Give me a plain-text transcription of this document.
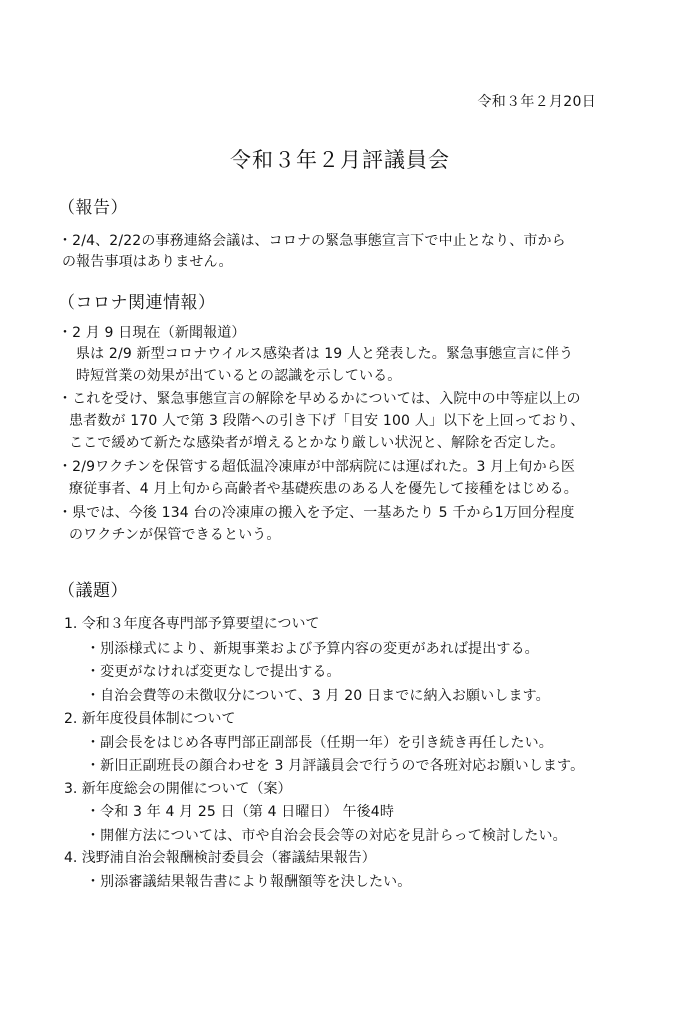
令和３年２月20日
令和３年２月評議員会
（報告）
・2/4、2/22の事務連絡会議は、コロナの緊急事態宣言下で中止となり、市から
の報告事項はありません。
（コロナ関連情報）
・2 月 9 日現在（新聞報道）
県は 2/9 新型コロナウイルス感染者は 19 人と発表した。緊急事態宣言に伴う
時短営業の効果が出ているとの認識を示している。
・これを受け、緊急事態宣言の解除を早めるかについては、入院中の中等症以上の
患者数が 170 人で第 3 段階への引き下げ「目安 100 人」以下を上回っており、
ここで緩めて新たな感染者が増えるとかなり厳しい状況と、解除を否定した。
・2/9ワクチンを保管する超低温冷凍庫が中部病院には運ばれた。3 月上旬から医
療従事者、4 月上旬から高齢者や基礎疾患のある人を優先して接種をはじめる。
・県では、今後 134 台の冷凍庫の搬入を予定、一基あたり 5 千から1万回分程度
のワクチンが保管できるという。
（議題）
1. 令和３年度各専門部予算要望について
・別添様式により、新規事業および予算内容の変更があれば提出する。
・変更がなければ変更なしで提出する。
・自治会費等の未徴収分について、3 月 20 日までに納入お願いします。
2. 新年度役員体制について
・副会長をはじめ各専門部正副部長（任期一年）を引き続き再任したい。
・新旧正副班長の顔合わせを 3 月評議員会で行うので各班対応お願いします。
3. 新年度総会の開催について（案）
・令和 3 年 4 月 25 日（第 4 日曜日） 午後4時
・開催方法については、市や自治会長会等の対応を見計らって検討したい。
4. 浅野浦自治会報酬検討委員会（審議結果報告）
・別添審議結果報告書により報酬額等を決したい。
